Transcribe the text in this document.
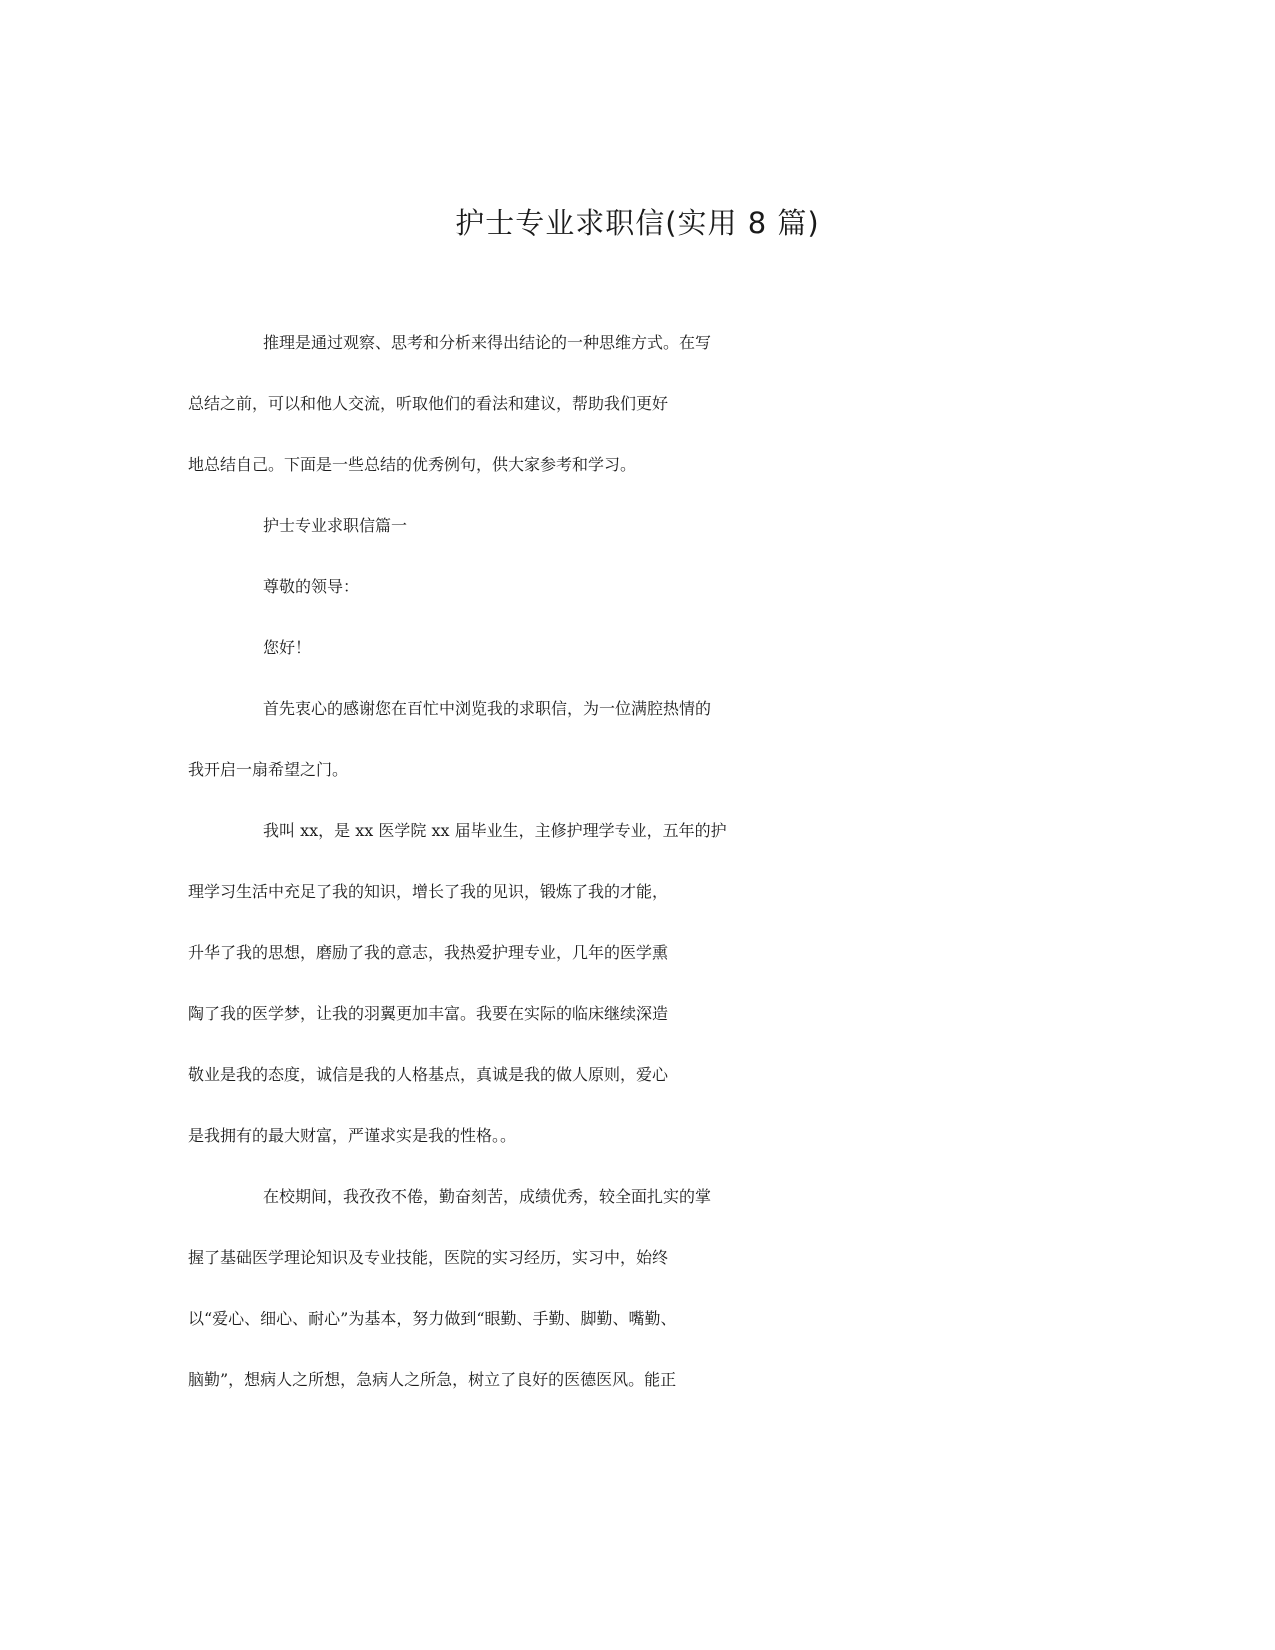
护士专业求职信(实用 8 篇)
推理是通过观察、思考和分析来得出结论的一种思维方式。在写
总结之前，可以和他人交流，听取他们的看法和建议，帮助我们更好
地总结自己。下面是一些总结的优秀例句，供大家参考和学习。
护士专业求职信篇一
尊敬的领导：
您好！
首先衷心的感谢您在百忙中浏览我的求职信，为一位满腔热情的
我开启一扇希望之门。
我叫 xx，是 xx 医学院 xx 届毕业生，主修护理学专业，五年的护
理学习生活中充足了我的知识，增长了我的见识，锻炼了我的才能，
升华了我的思想，磨励了我的意志，我热爱护理专业，几年的医学熏
陶了我的医学梦，让我的羽翼更加丰富。我要在实际的临床继续深造
敬业是我的态度，诚信是我的人格基点，真诚是我的做人原则，爱心
是我拥有的最大财富，严谨求实是我的性格。。
在校期间，我孜孜不倦，勤奋刻苦，成绩优秀，较全面扎实的掌
握了基础医学理论知识及专业技能，医院的实习经历，实习中，始终
以“爱心、细心、耐心”为基本，努力做到“眼勤、手勤、脚勤、嘴勤、
脑勤”，想病人之所想，急病人之所急，树立了良好的医德医风。能正
